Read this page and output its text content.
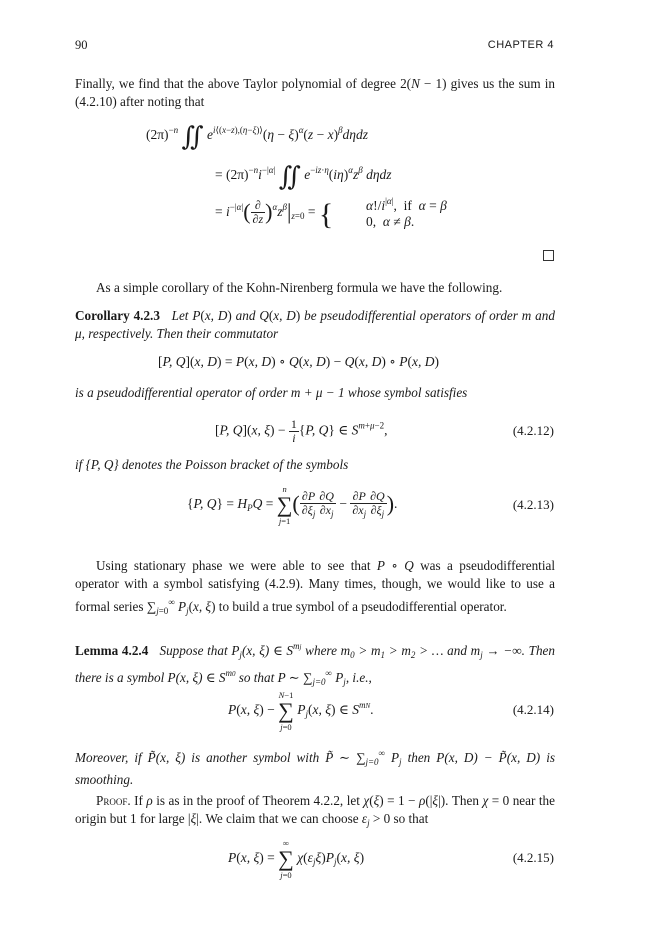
90	CHAPTER 4
Finally, we find that the above Taylor polynomial of degree 2(N − 1) gives us the sum in (4.2.10) after noting that
$(2\pi)^{-n}$ ∬ $e^{i⟨(x-z),(\eta-\xi)⟩}(\eta - \xi)^\alpha(z - x)^\beta d\eta dz$
= $(2\pi)^{-n}i^{-|\alpha|}$ ∬ $e^{-iz\cdot\eta}(i\eta)^\alpha z^\beta$ dηdz
= $i^{-|\alpha|}( \frac{\partial}{\partial z} )^\alpha z^\beta|_{z=0}$ = { $\alpha!/i^{|\alpha|}$,  if  α = β
0,  α ≠ β.
As a simple corollary of the Kohn-Nirenberg formula we have the following.
Corollary 4.2.3 Let P(x, D) and Q(x, D) be pseudodifferential operators of order m and μ, respectively. Then their commutator
[P, Q](x, D) = P(x, D) ∘ Q(x, D) − Q(x, D) ∘ P(x, D)
is a pseudodifferential operator of order m + μ − 1 whose symbol satisfies
[P, Q](x, $\xi) - \frac{1}{i} \{P$, Q} ∈ $S^{m+\mu-2}$,	(4.2.12)
if {P, Q} denotes the Poisson bracket of the symbols
{P, $Q\} = H_PQ$ =
n
∑
j=1
( $\frac{\partial P}{\partial\xi_j} \frac{\partial Q}{\partial x_j} - \frac{\partial P}{\partial x_j} \frac{\partial Q}{\partial\xi_j}$ ).	(4.2.13)
Using stationary phase we were able to see that P ∘ Q was a pseudodifferential operator with a symbol satisfying (4.2.9). Many times, though, we would like to use a formal series $\sum_{j=0}^\infty$ $P_j(x$, ξ) to build a true symbol of a pseudodifferential operator.
Lemma 4.2.4 Suppose that $P_j(x$, ξ) ∈ $S^{mj}$ where $m_0 > m_1 > m_2$ > … and $m_j$ → −∞. Then there is a symbol P(x, ξ) ∈ $S^{m0}$ so that P ∼ $\sum_{j=0}^\infty$ $P_j$, i.e.,
P(x, ξ) −
N−1
∑
j=0
$P_j(x$, ξ) ∈ $S^{mN}$.	(4.2.14)
Moreover, if P̃(x, ξ) is another symbol with P̃ ∼ $\sum_{j=0}^\infty$ $P_j$ then P(x, D) − P̃(x, D) is smoothing.
Proof. If ρ is as in the proof of Theorem 4.2.2, let χ(ξ) = 1 − ρ(|ξ|). Then χ = 0 near the origin but 1 for large |ξ|. We claim that we can choose $\varepsilon_j > 0$ so that
P(x, ξ) =
∞
∑
j=0
$\chi(\varepsilon_j\xi)P_j(x$, ξ)	(4.2.15)
